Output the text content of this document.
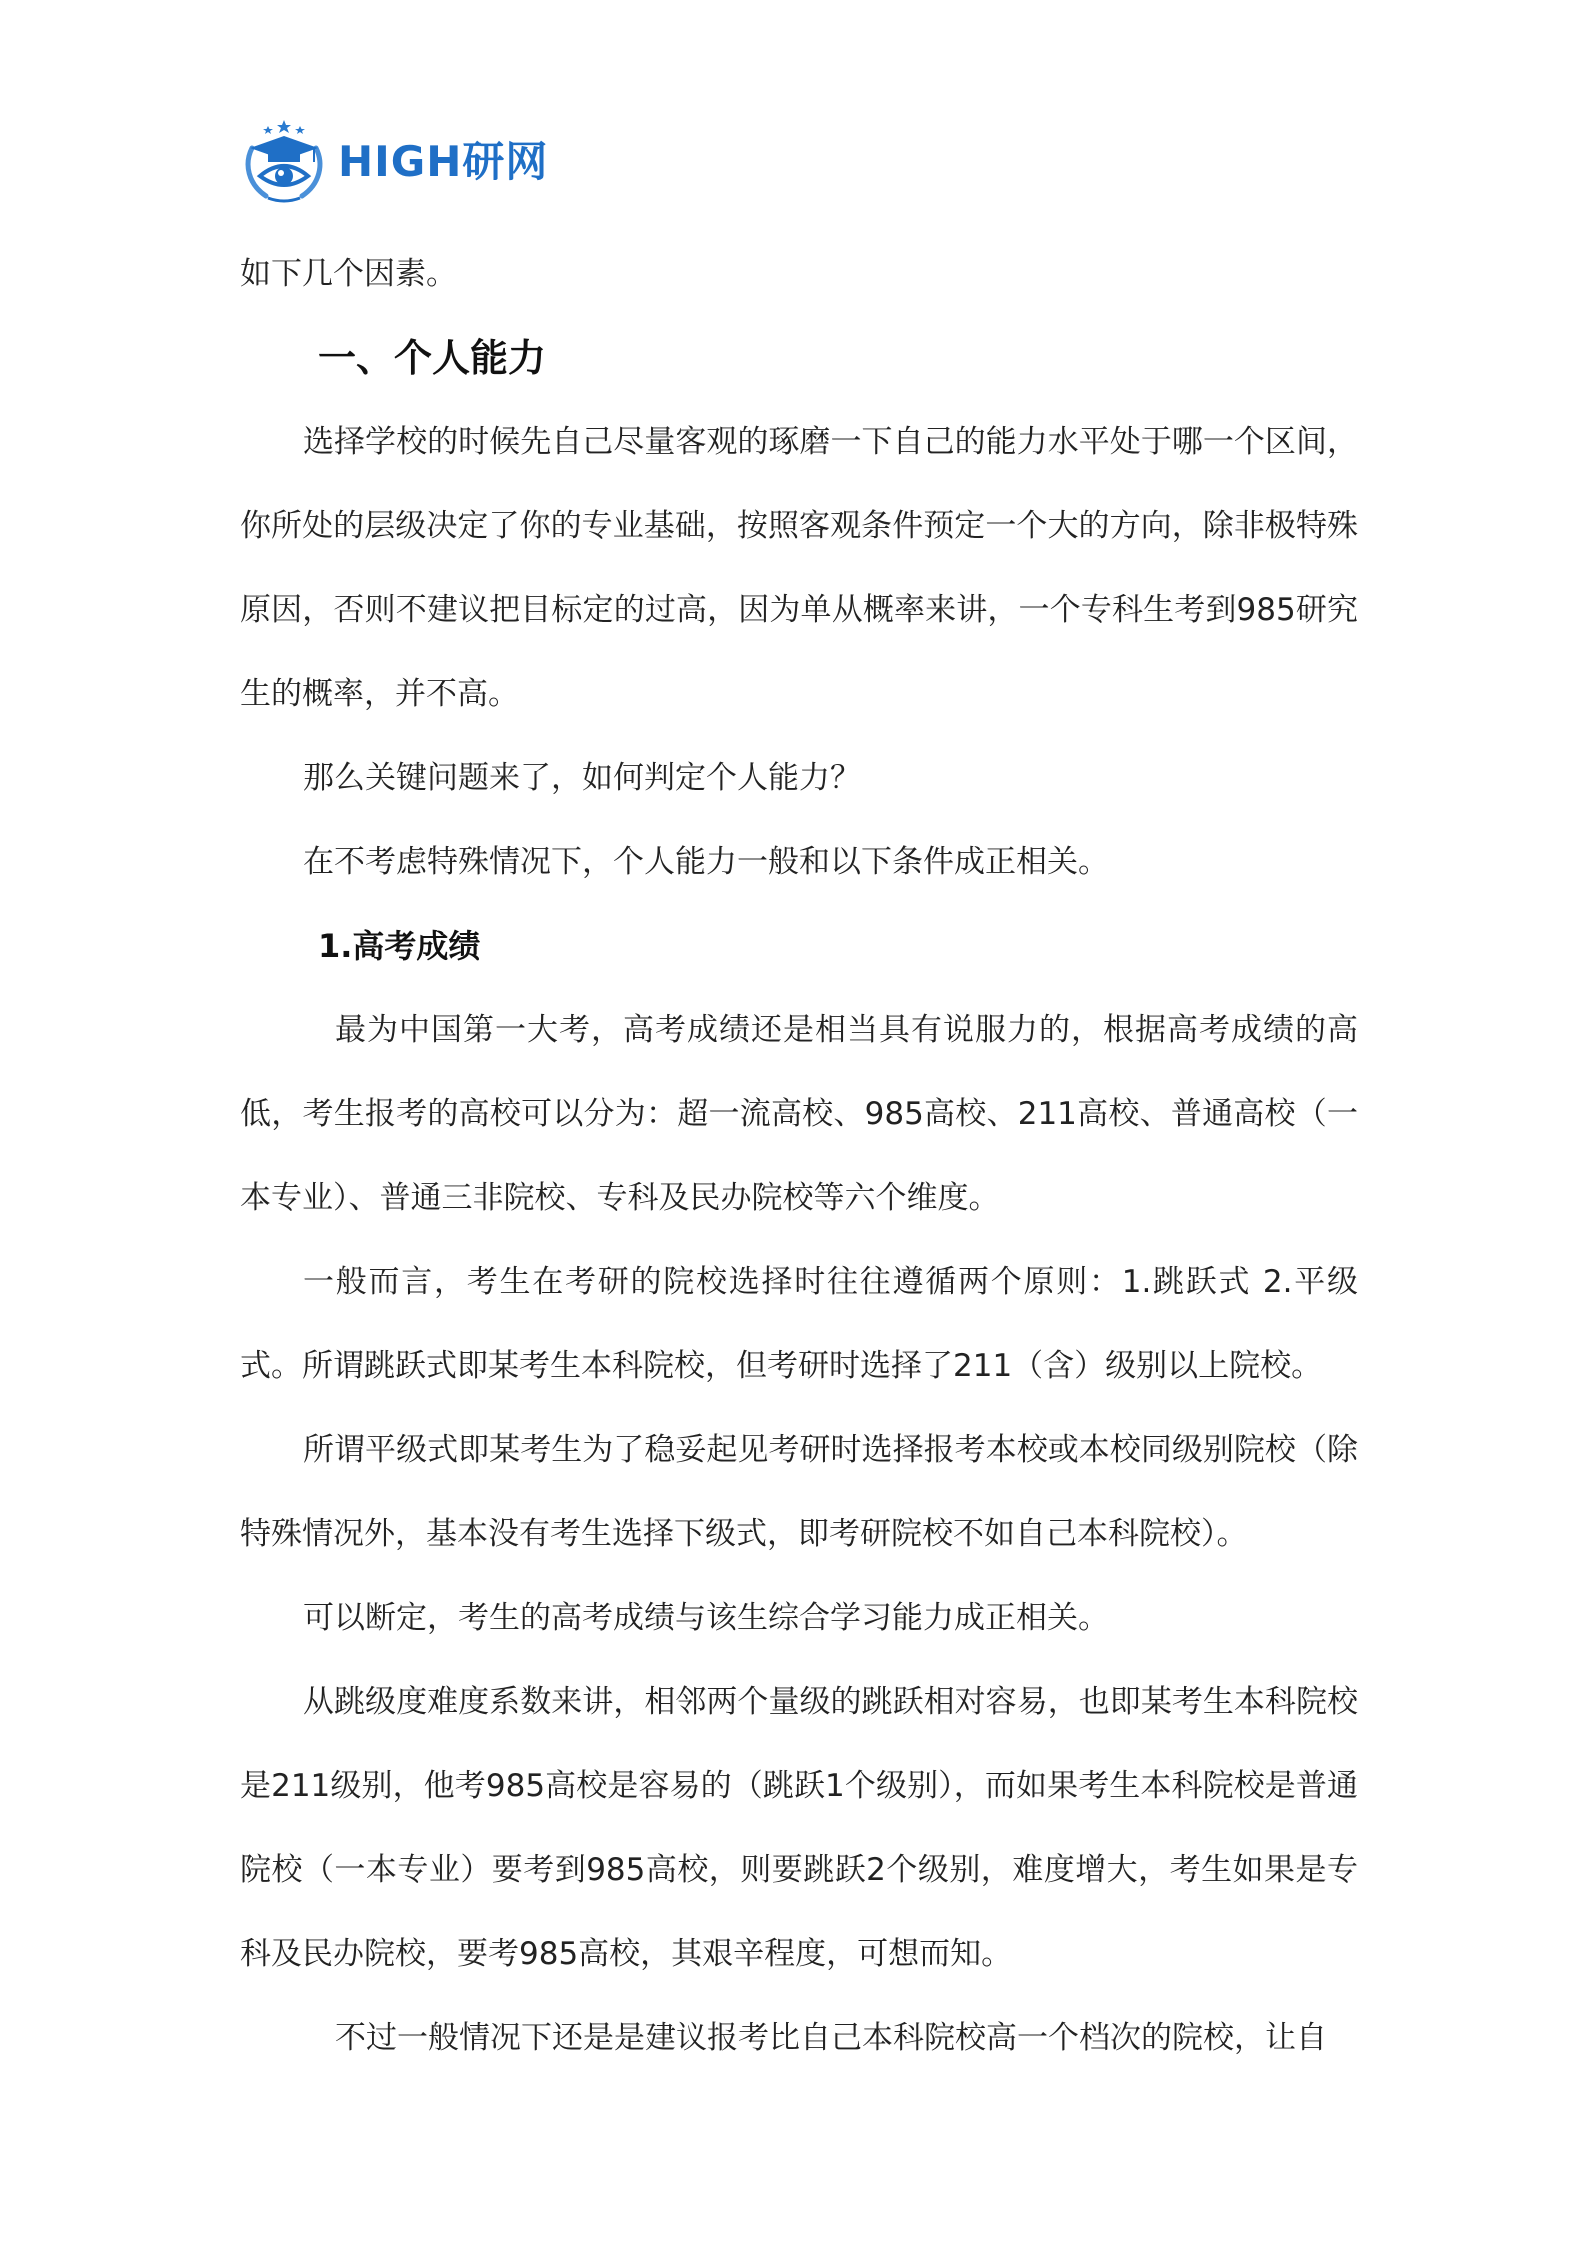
HIGH研网

如下几个因素。

一、个人能力

选择学校的时候先自己尽量客观的琢磨一下自己的能力水平处于哪一个区间，你所处的层级决定了你的专业基础，按照客观条件预定一个大的方向，除非极特殊原因，否则不建议把目标定的过高，因为单从概率来讲，一个专科生考到985研究生的概率，并不高。

那么关键问题来了，如何判定个人能力？

在不考虑特殊情况下，个人能力一般和以下条件成正相关。

1.高考成绩

最为中国第一大考，高考成绩还是相当具有说服力的，根据高考成绩的高低，考生报考的高校可以分为：超一流高校、985高校、211高校、普通高校（一本专业）、普通三非院校、专科及民办院校等六个维度。

一般而言，考生在考研的院校选择时往往遵循两个原则：1.跳跃式 2.平级式。所谓跳跃式即某考生本科院校，但考研时选择了211（含）级别以上院校。

所谓平级式即某考生为了稳妥起见考研时选择报考本校或本校同级别院校（除特殊情况外，基本没有考生选择下级式，即考研院校不如自己本科院校）。

可以断定，考生的高考成绩与该生综合学习能力成正相关。

从跳级度难度系数来讲，相邻两个量级的跳跃相对容易，也即某考生本科院校是211级别，他考985高校是容易的（跳跃1个级别），而如果考生本科院校是普通院校（一本专业）要考到985高校，则要跳跃2个级别，难度增大，考生如果是专科及民办院校，要考985高校，其艰辛程度，可想而知。

不过一般情况下还是是建议报考比自己本科院校高一个档次的院校，让自
